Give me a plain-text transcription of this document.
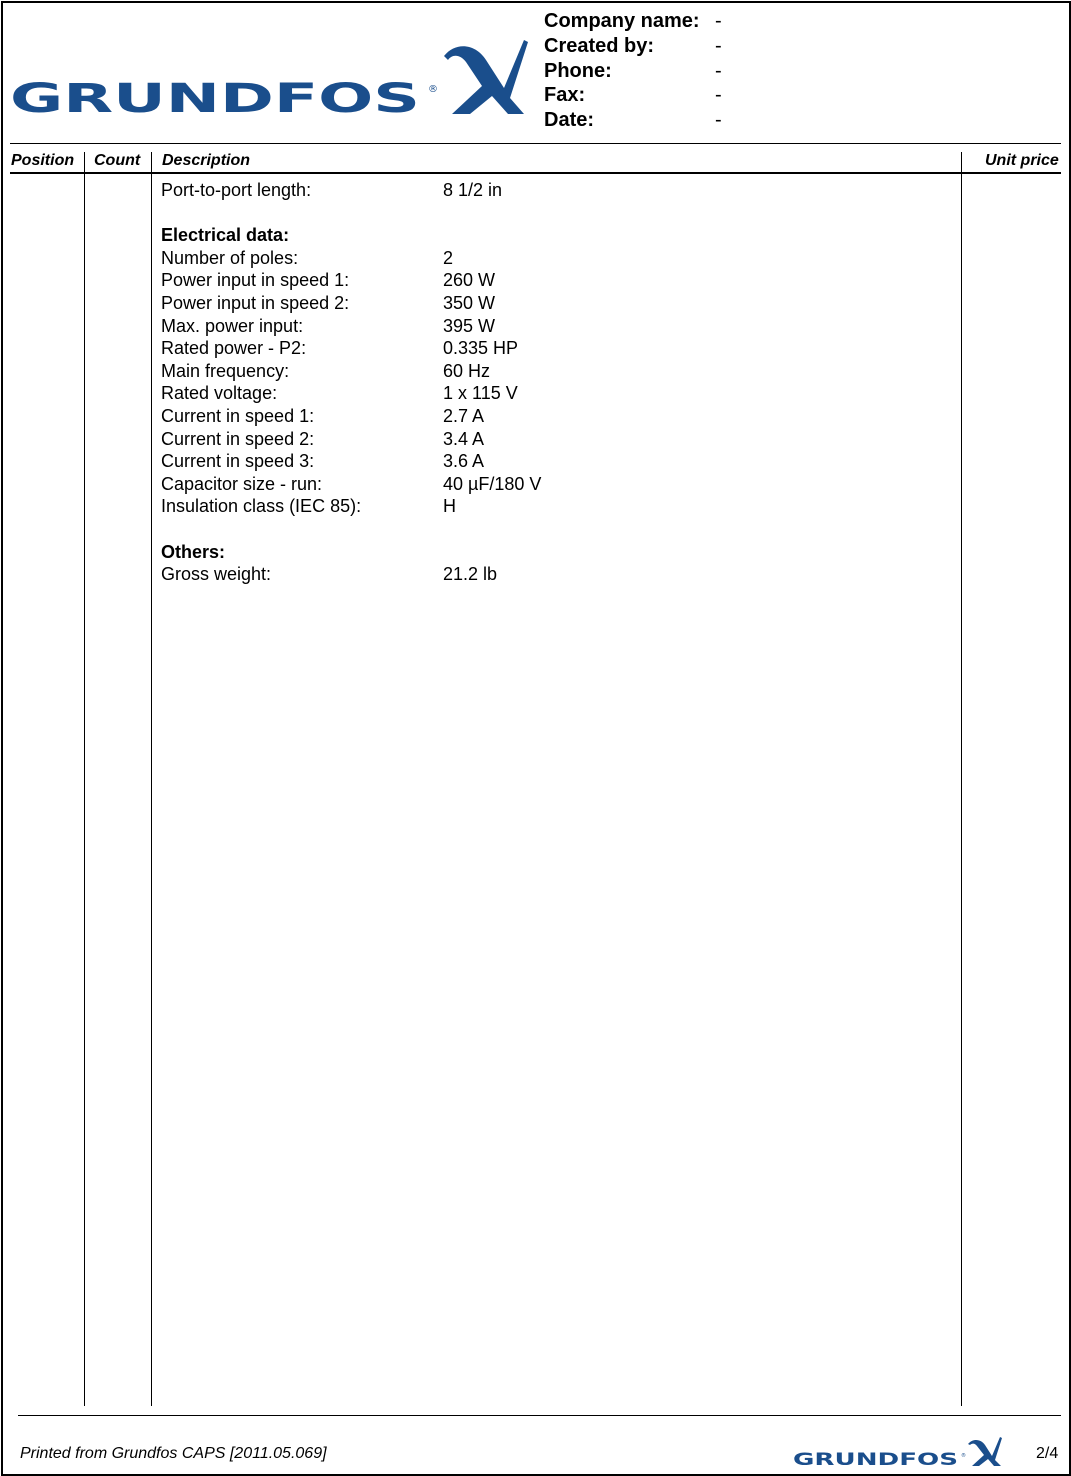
GRUNDFOS ®
Company name: -
Created by:	-
Phone:	-
Fax:	-
Date:	-
Position Count Description	Unit price
Port-to-port length:	8 1/2 in
Electrical data:
Number of poles:	2
Power input in speed 1:	260 W
Power input in speed 2:	350 W
Max. power input:	395 W
Rated power - P2:	0.335 HP
Main frequency:	60 Hz
Rated voltage:	1 x 115 V
Current in speed 1:	2.7 A
Current in speed 2:	3.4 A
Current in speed 3:	3.6 A
Capacitor size - run:	40 µF/180 V
Insulation class (IEC 85):	H
Others:
Gross weight:	21.2 lb
Printed from Grundfos CAPS [2011.05.069]	GRUNDFOS ®	2/4
